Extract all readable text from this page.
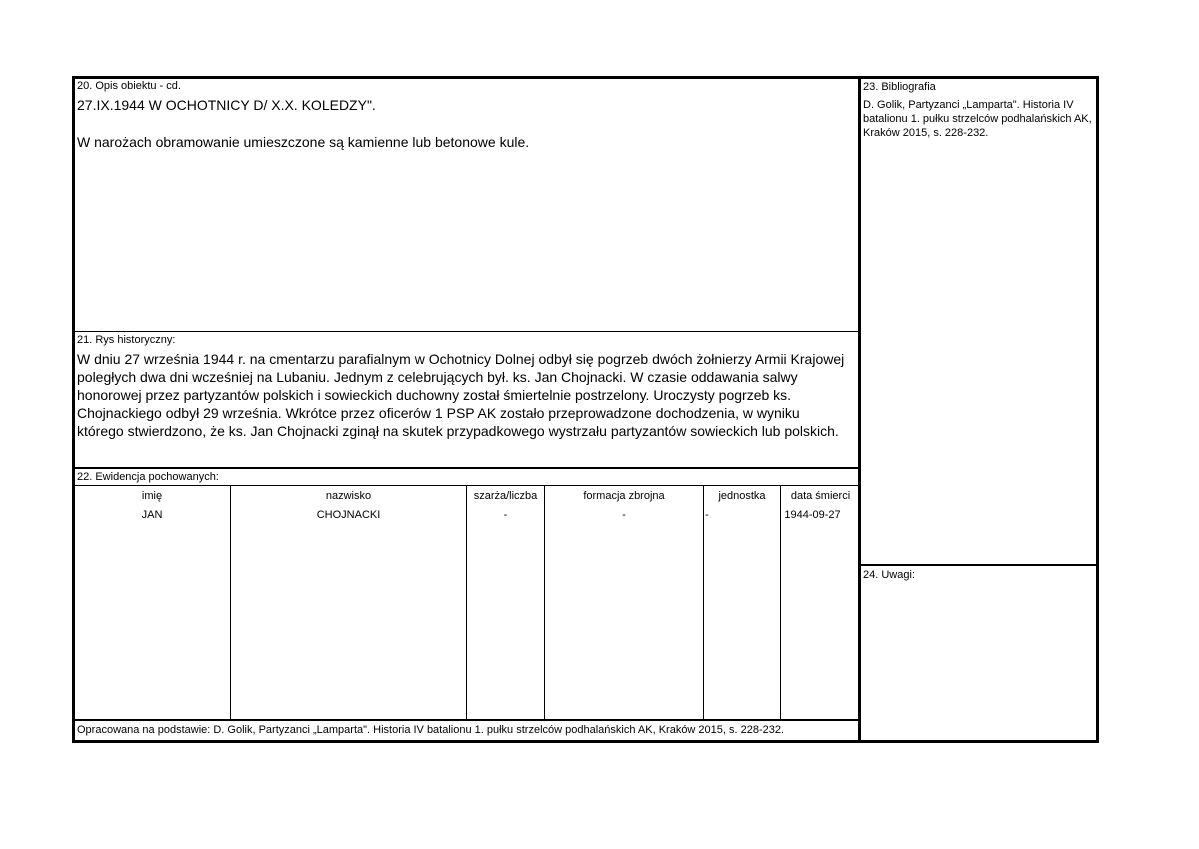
20. Opis obiektu - cd.
27.IX.1944 W OCHOTNICY D/ X.X. KOLEDZY".
W narożach obramowanie umieszczone są kamienne lub betonowe kule.
21. Rys historyczny:
W dniu 27 września 1944 r. na cmentarzu parafialnym w Ochotnicy Dolnej odbył się pogrzeb dwóch żołnierzy Armii Krajowej
poległych dwa dni wcześniej na Lubaniu. Jednym z celebrujących był. ks. Jan Chojnacki. W czasie oddawania salwy
honorowej przez partyzantów polskich i sowieckich duchowny został śmiertelnie postrzelony. Uroczysty pogrzeb ks.
Chojnackiego odbył 29 września. Wkrótce przez oficerów 1 PSP AK zostało przeprowadzone dochodzenia, w wyniku
którego stwierdzono, że ks. Jan Chojnacki zginął na skutek przypadkowego wystrzału partyzantów sowieckich lub polskich.
22. Ewidencja pochowanych:
imię	nazwisko	szarża/liczba	formacja zbrojna	jednostka	data śmierci
JAN	CHOJNACKI	-	-	-	1944-09-27
Opracowana na podstawie: D. Golik, Partyzanci „Lamparta". Historia IV batalionu 1. pułku strzelców podhalańskich AK, Kraków 2015, s. 228-232.
23. Bibliografia
D. Golik, Partyzanci „Lamparta". Historia IV batalionu 1. pułku strzelców podhalańskich AK, Kraków 2015, s. 228-232.
24. Uwagi:
